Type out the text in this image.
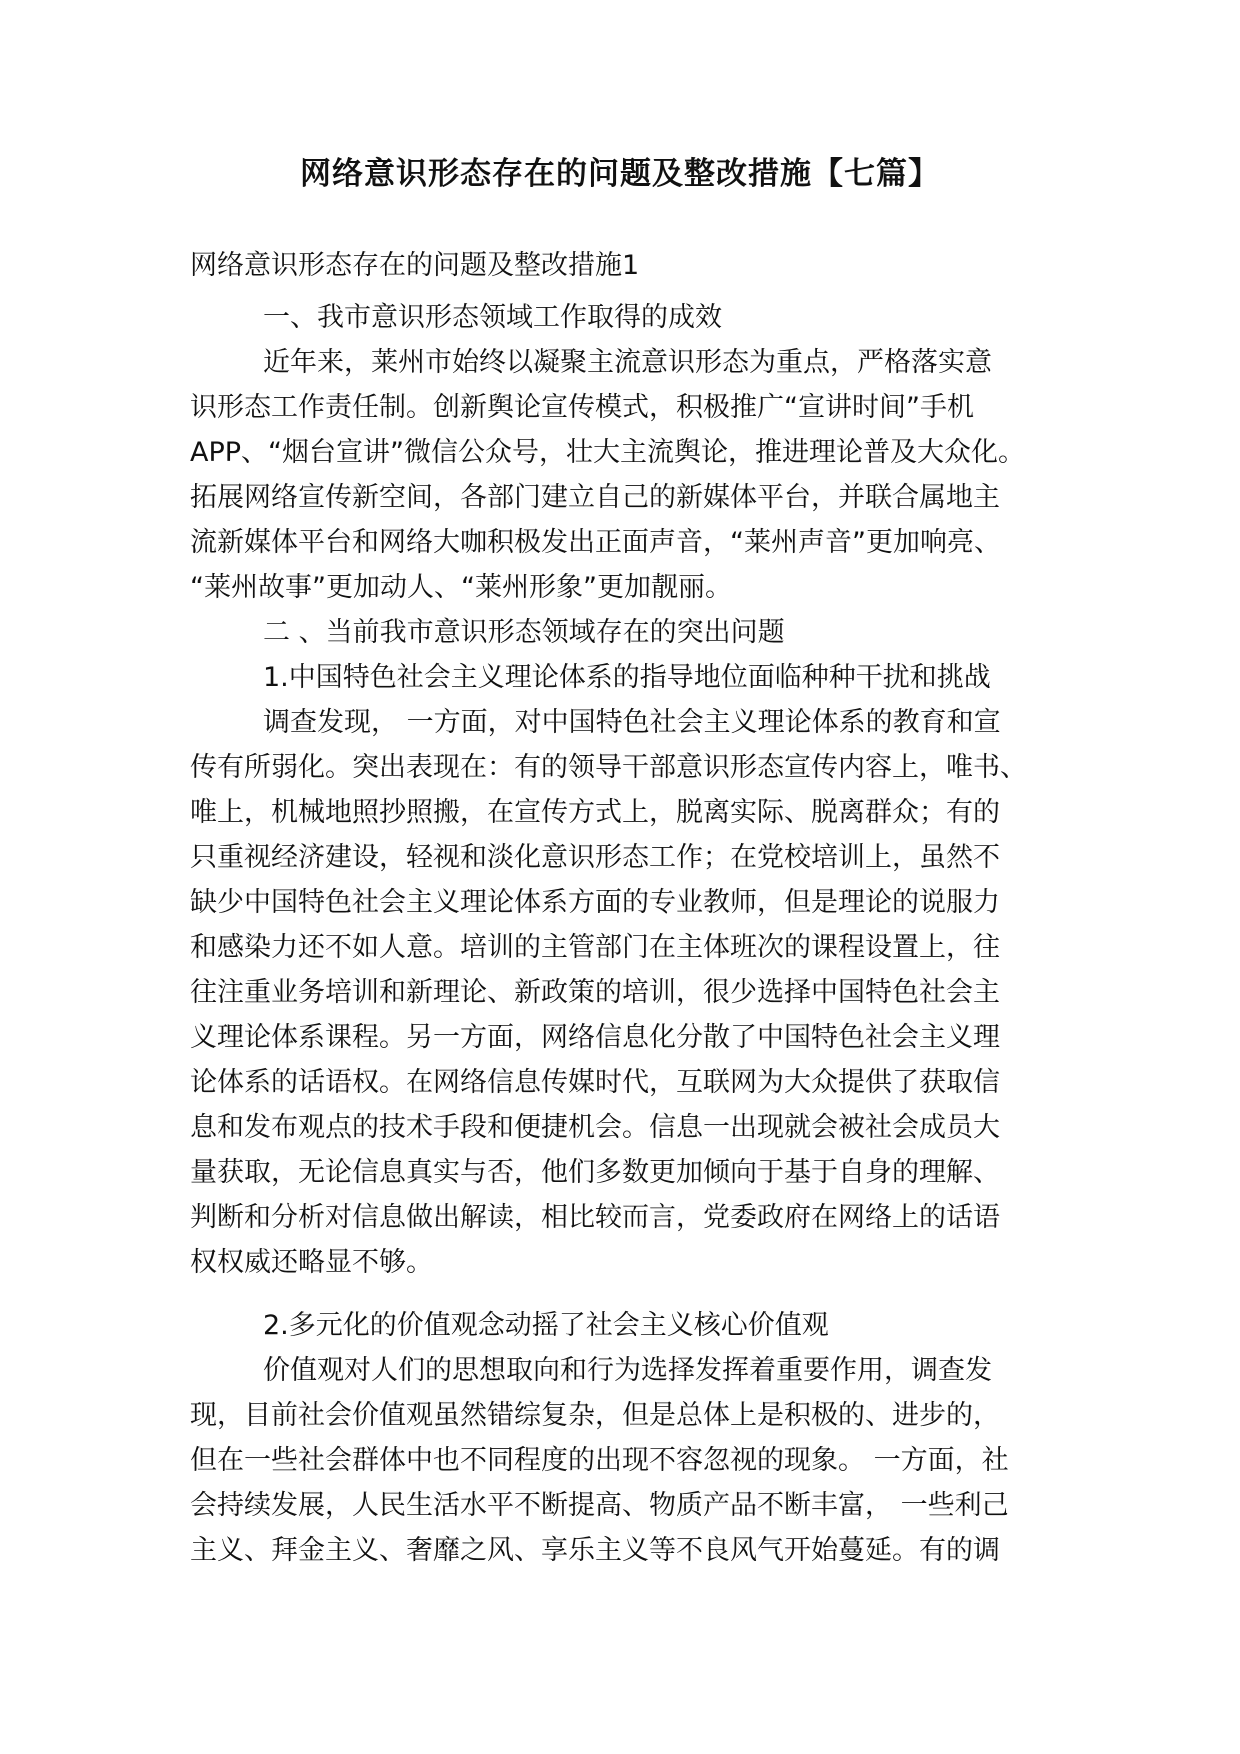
网络意识形态存在的问题及整改措施【七篇】
网络意识形态存在的问题及整改措施1
一、我市意识形态领域工作取得的成效
近年来，莱州市始终以凝聚主流意识形态为重点，严格落实意
识形态工作责任制。创新舆论宣传模式，积极推广“宣讲时间”手机
APP、“烟台宣讲”微信公众号，壮大主流舆论，推进理论普及大众化。
拓展网络宣传新空间，各部门建立自己的新媒体平台，并联合属地主
流新媒体平台和网络大咖积极发出正面声音，“莱州声音”更加响亮、
“莱州故事”更加动人、“莱州形象”更加靓丽。
二 、当前我市意识形态领域存在的突出问题
1.中国特色社会主义理论体系的指导地位面临种种干扰和挑战
调查发现， 一方面，对中国特色社会主义理论体系的教育和宣
传有所弱化。突出表现在：有的领导干部意识形态宣传内容上，唯书、
唯上，机械地照抄照搬，在宣传方式上，脱离实际、脱离群众；有的
只重视经济建设，轻视和淡化意识形态工作；在党校培训上，虽然不
缺少中国特色社会主义理论体系方面的专业教师，但是理论的说服力
和感染力还不如人意。培训的主管部门在主体班次的课程设置上，往
往注重业务培训和新理论、新政策的培训，很少选择中国特色社会主
义理论体系课程。另一方面，网络信息化分散了中国特色社会主义理
论体系的话语权。在网络信息传媒时代，互联网为大众提供了获取信
息和发布观点的技术手段和便捷机会。信息一出现就会被社会成员大
量获取，无论信息真实与否，他们多数更加倾向于基于自身的理解、
判断和分析对信息做出解读，相比较而言，党委政府在网络上的话语
权权威还略显不够。
2.多元化的价值观念动摇了社会主义核心价值观
价值观对人们的思想取向和行为选择发挥着重要作用，调查发
现，目前社会价值观虽然错综复杂，但是总体上是积极的、进步的，
但在一些社会群体中也不同程度的出现不容忽视的现象。 一方面，社
会持续发展，人民生活水平不断提高、物质产品不断丰富， 一些利己
主义、拜金主义、奢靡之风、享乐主义等不良风气开始蔓延。有的调
